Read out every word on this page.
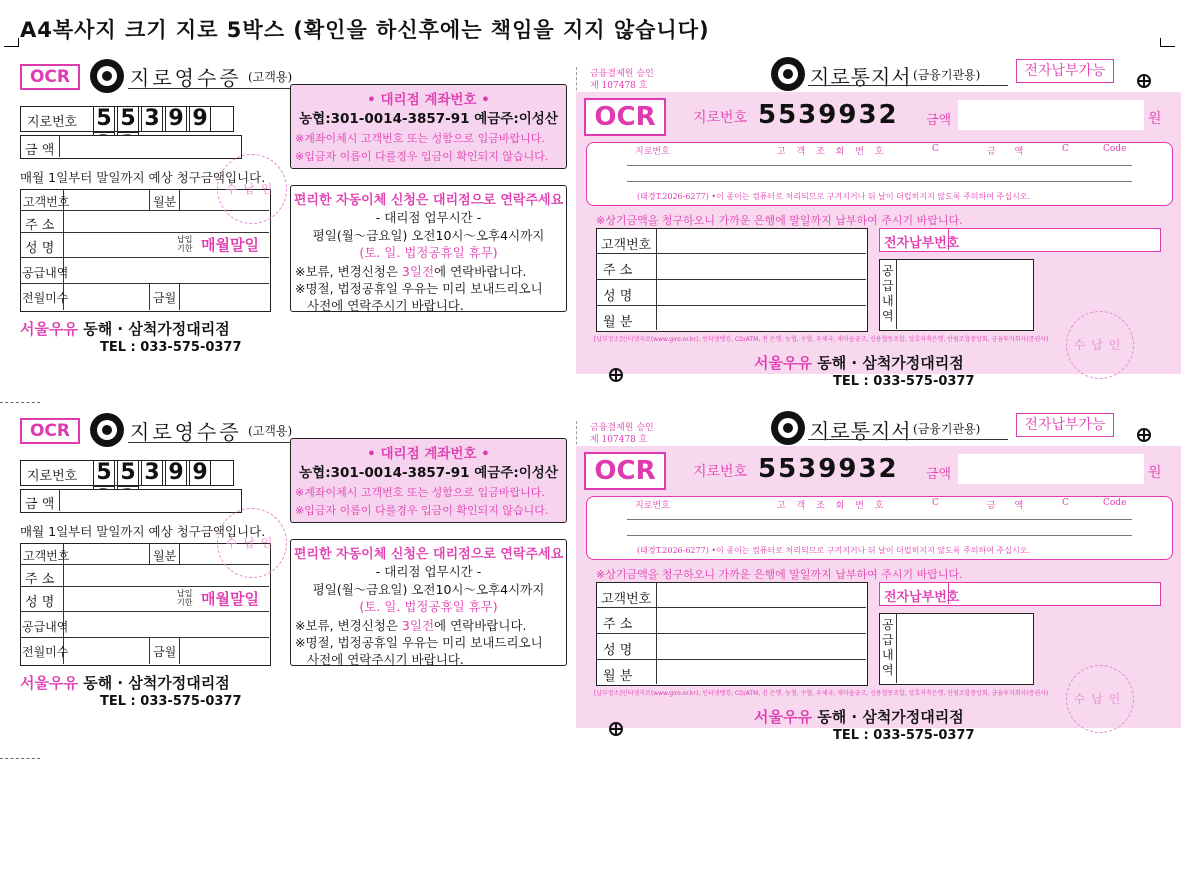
A4복사지 크기 지로 5박스 (확인을 하신후에는 책임을 지지 않습니다)
OCR	지로영수증 (고객용)
지로번호 5 5 3 9 9
금 액
매월 1일부터 말일까지 예상 청구금액입니다.
고객번호	월분
주 소
성 명
납입 기한 매월말일
공급내역
전월미수	금월
수납인
서울우유 동해 · 삼척가정대리점
TEL : 033-575-0377
• 대리점 계좌번호 •
농협:301-0014-3857-91 예금주:이성산
※계좌이체시 고객번호 또는 성함으로 입금바랍니다.
※입금자 이름이 다를경우 입금이 확인되지 않습니다.
편리한 자동이체 신청은 대리점으로 연락주세요
- 대리점 업무시간 -
평일(월～금요일) 오전10시～오후4시까지
(토. 일. 법정공휴일 휴무)
※보류, 변경신청은 3일전에 연락바랍니다.
※명절, 법정공휴일 우유는 미리 보내드리오니
사전에 연락주시기 바랍니다.
금융결제원 승인
제 107478 호	지로통지서 (금융기관용)	전자납부가능
OCR	지로번호 5539932 금액	원
지로번호	고 객 조 회 번 호	C	금 액	C	Code
(태경T.2026-6277) •이 종이는 컴퓨터로 처리되므로 구겨지거나 뒤 날이 더럽히지지 않도록 주의하여 주십시오.
※상기금액을 청구하오니 가까운 은행에 말일까지 납부하여 주시기 바랍니다.
고객번호
주 소
성 명
월 분
전자납부번호
공급내역
[납부장소]인터넷지로(www.giro.or.kr), 인터넷뱅킹, CD/ATM, 전 은행, 농협, 수협, 우체국, 새마을금고, 신용협동조합, 상호저축은행, 산림조합중앙회, 금융투자회사(증권사)	수납인
서울우유 동해 · 삼척가정대리점
TEL : 033-575-0377
OCR	지로영수증 (고객용)
지로번호 5 5 3 9 9
금 액
매월 1일부터 말일까지 예상 청구금액입니다.
고객번호	월분
주 소
성 명
납입 기한 매월말일
공급내역
전월미수	금월
수납인
서울우유 동해 · 삼척가정대리점
TEL : 033-575-0377
• 대리점 계좌번호 •
농협:301-0014-3857-91 예금주:이성산
※계좌이체시 고객번호 또는 성함으로 입금바랍니다.
※입금자 이름이 다를경우 입금이 확인되지 않습니다.
편리한 자동이체 신청은 대리점으로 연락주세요
- 대리점 업무시간 -
평일(월～금요일) 오전10시～오후4시까지
(토. 일. 법정공휴일 휴무)
※보류, 변경신청은 3일전에 연락바랍니다.
※명절, 법정공휴일 우유는 미리 보내드리오니
사전에 연락주시기 바랍니다.
금융결제원 승인
제 107478 호	지로통지서 (금융기관용)	전자납부가능
OCR	지로번호 5539932 금액	원
지로번호	고 객 조 회 번 호	C	금 액	C	Code
(태경T.2026-6277) •이 종이는 컴퓨터로 처리되므로 구겨지거나 뒤 날이 더럽히지지 않도록 주의하여 주십시오.
※상기금액을 청구하오니 가까운 은행에 말일까지 납부하여 주시기 바랍니다.
고객번호
주 소
성 명
월 분
전자납부번호
공급내역
[납부장소]인터넷지로(www.giro.or.kr), 인터넷뱅킹, CD/ATM, 전 은행, 농협, 수협, 우체국, 새마을금고, 신용협동조합, 상호저축은행, 산림조합중앙회, 금융투자회사(증권사)	수납인
서울우유 동해 · 삼척가정대리점
TEL : 033-575-0377
